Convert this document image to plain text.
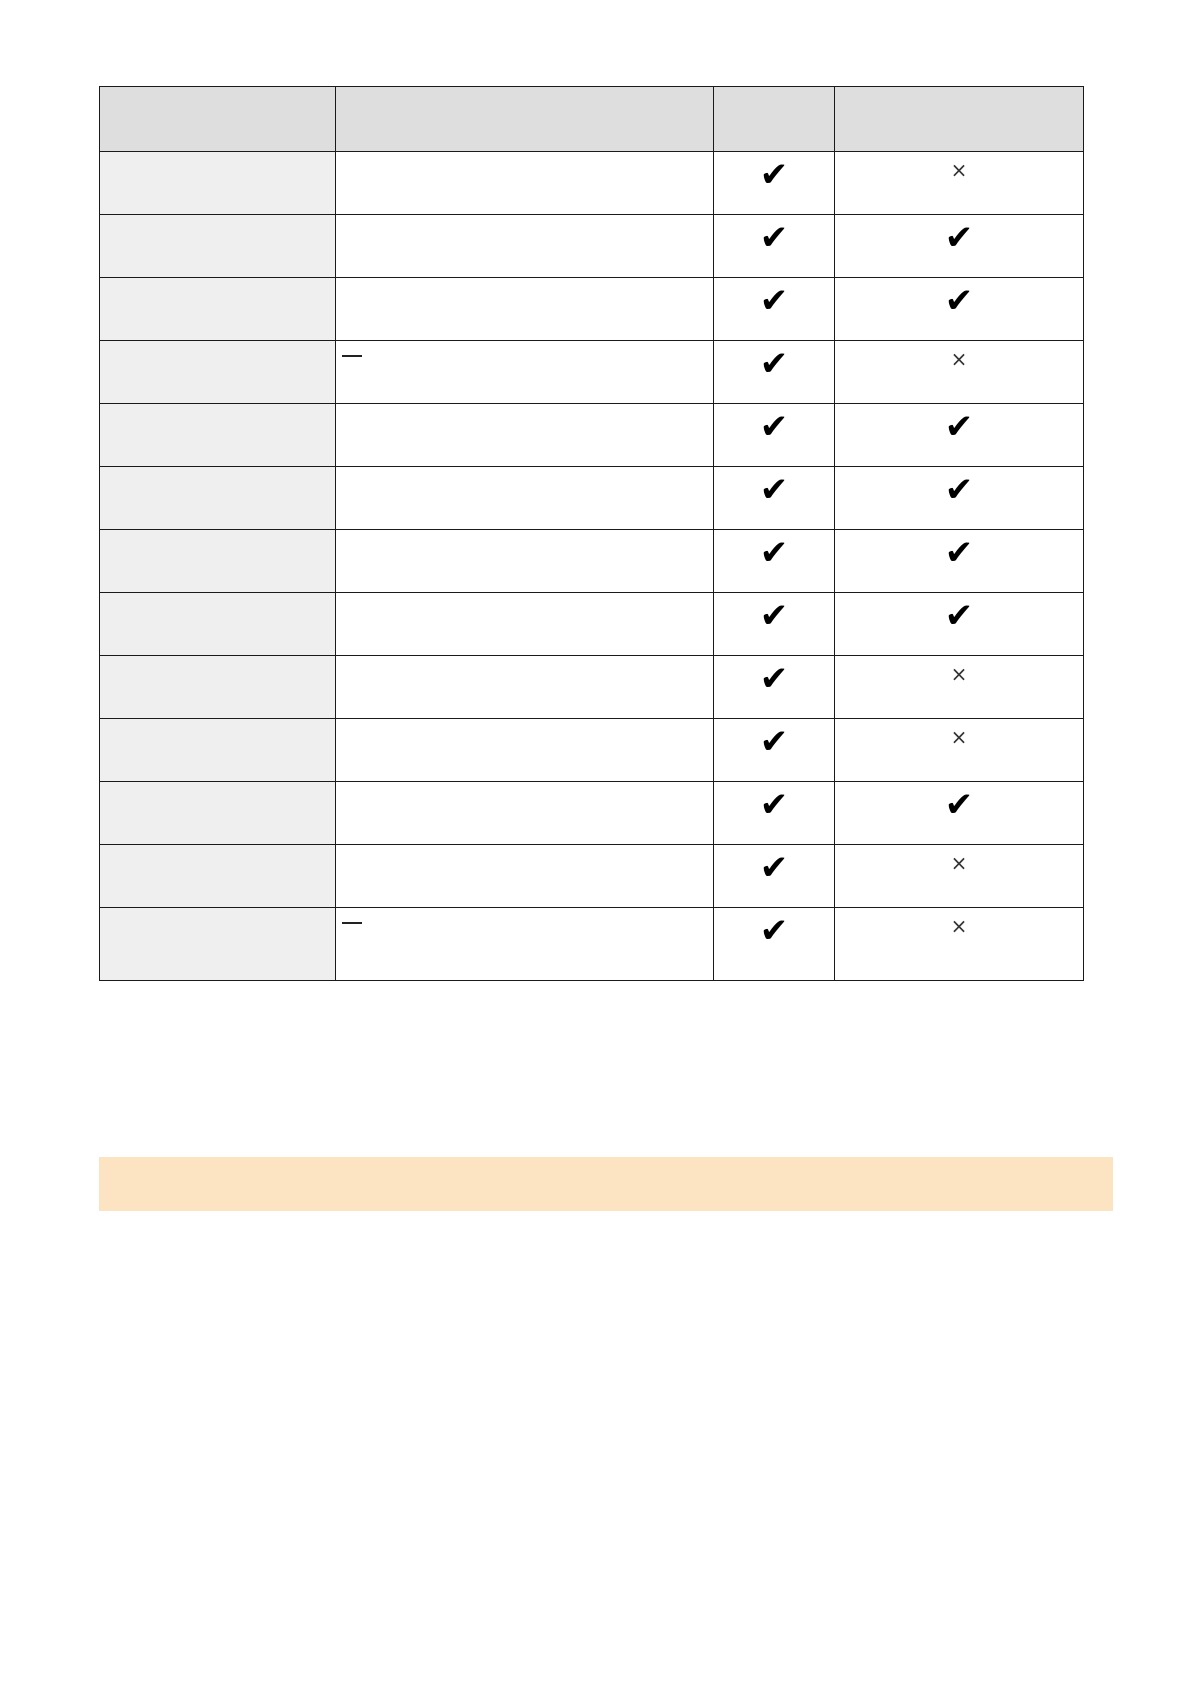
		✔	×
		✔	✔
		✔	✔
		✔	×
		✔	✔
		✔	✔
		✔	✔
		✔	✔
		✔	×
		✔	×
		✔	✔
		✔	×
		✔	×
